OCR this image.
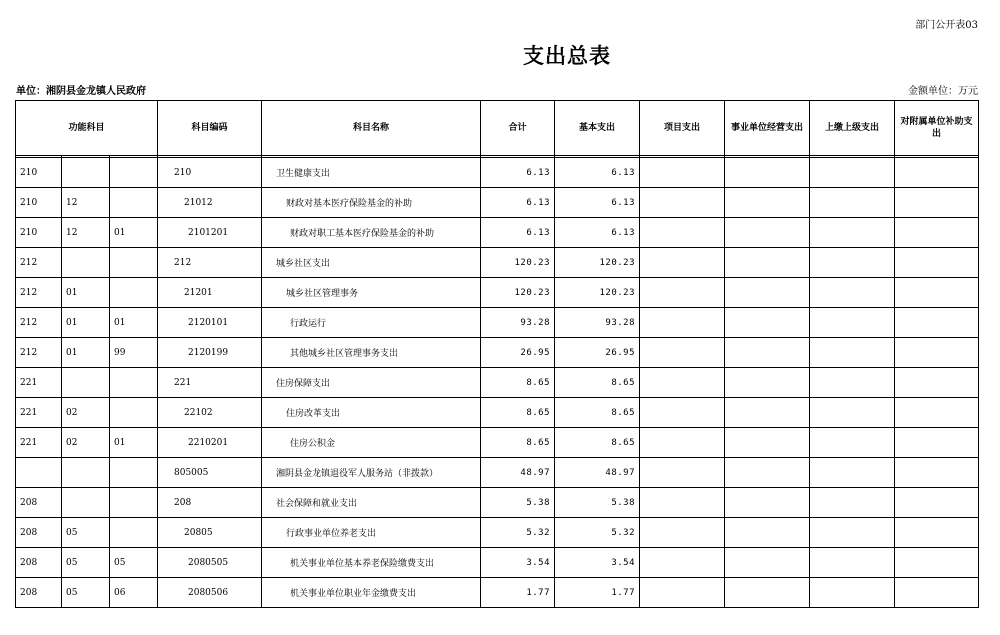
部门公开表03
支出总表
单位：湘阴县金龙镇人民政府	金额单位：万元
功能科目			科目编码	科目名称	合计	基本支出	项目支出	事业单位经营支出	上缴上级支出	对附属单位补助支出

210			210	卫生健康支出	6.13	6.13				
210	12		21012	财政对基本医疗保险基金的补助	6.13	6.13				
210	12	01	2101201	财政对职工基本医疗保险基金的补助	6.13	6.13				
212			212	城乡社区支出	120.23	120.23				
212	01		21201	城乡社区管理事务	120.23	120.23				
212	01	01	2120101	行政运行	93.28	93.28				
212	01	99	2120199	其他城乡社区管理事务支出	26.95	26.95				
221			221	住房保障支出	8.65	8.65				
221	02		22102	住房改革支出	8.65	8.65				
221	02	01	2210201	住房公积金	8.65	8.65				
			805005	湘阴县金龙镇退役军人服务站（非拨款）	48.97	48.97				
208			208	社会保障和就业支出	5.38	5.38				
208	05		20805	行政事业单位养老支出	5.32	5.32				
208	05	05	2080505	机关事业单位基本养老保险缴费支出	3.54	3.54				
208	05	06	2080506	机关事业单位职业年金缴费支出	1.77	1.77				
